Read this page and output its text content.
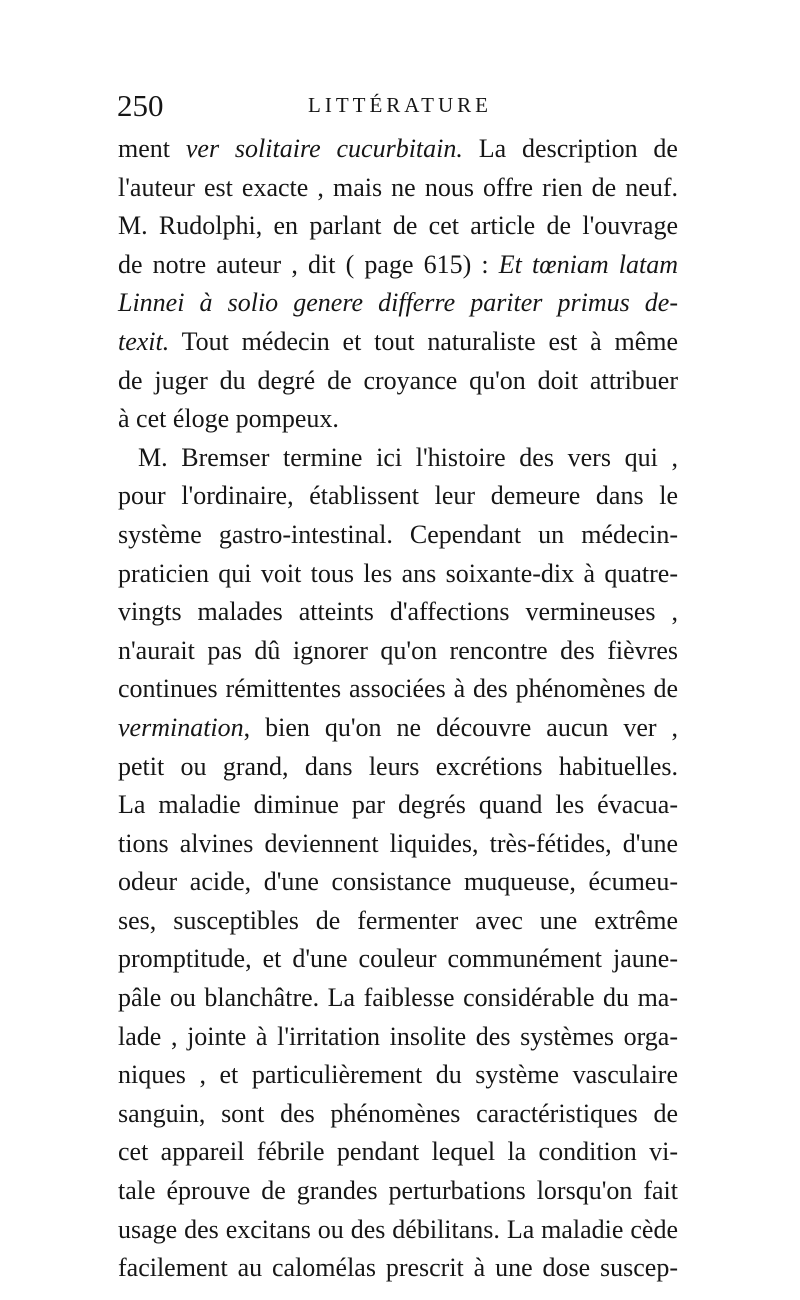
250	LITTÉRATURE
ment ver solitaire cucurbitain. La description de
l'auteur est exacte , mais ne nous offre rien de neuf.
M. Rudolphi, en parlant de cet article de l'ouvrage
de notre auteur , dit ( page 615) : Et tœniam latam
Linnei à solio genere differre pariter primus de-
texit. Tout médecin et tout naturaliste est à même
de juger du degré de croyance qu'on doit attribuer
à cet éloge pompeux.
M. Bremser termine ici l'histoire des vers qui ,
pour l'ordinaire, établissent leur demeure dans le
système gastro-intestinal. Cependant un médecin-
praticien qui voit tous les ans soixante-dix à quatre-
vingts malades atteints d'affections vermineuses ,
n'aurait pas dû ignorer qu'on rencontre des fièvres
continues rémittentes associées à des phénomènes de
vermination, bien qu'on ne découvre aucun ver ,
petit ou grand, dans leurs excrétions habituelles.
La maladie diminue par degrés quand les évacua-
tions alvines deviennent liquides, très-fétides, d'une
odeur acide, d'une consistance muqueuse, écumeu-
ses, susceptibles de fermenter avec une extrême
promptitude, et d'une couleur communément jaune-
pâle ou blanchâtre. La faiblesse considérable du ma-
lade , jointe à l'irritation insolite des systèmes orga-
niques , et particulièrement du système vasculaire
sanguin, sont des phénomènes caractéristiques de
cet appareil fébrile pendant lequel la condition vi-
tale éprouve de grandes perturbations lorsqu'on fait
usage des excitans ou des débilitans. La maladie cède
facilement au calomélas prescrit à une dose suscep-
